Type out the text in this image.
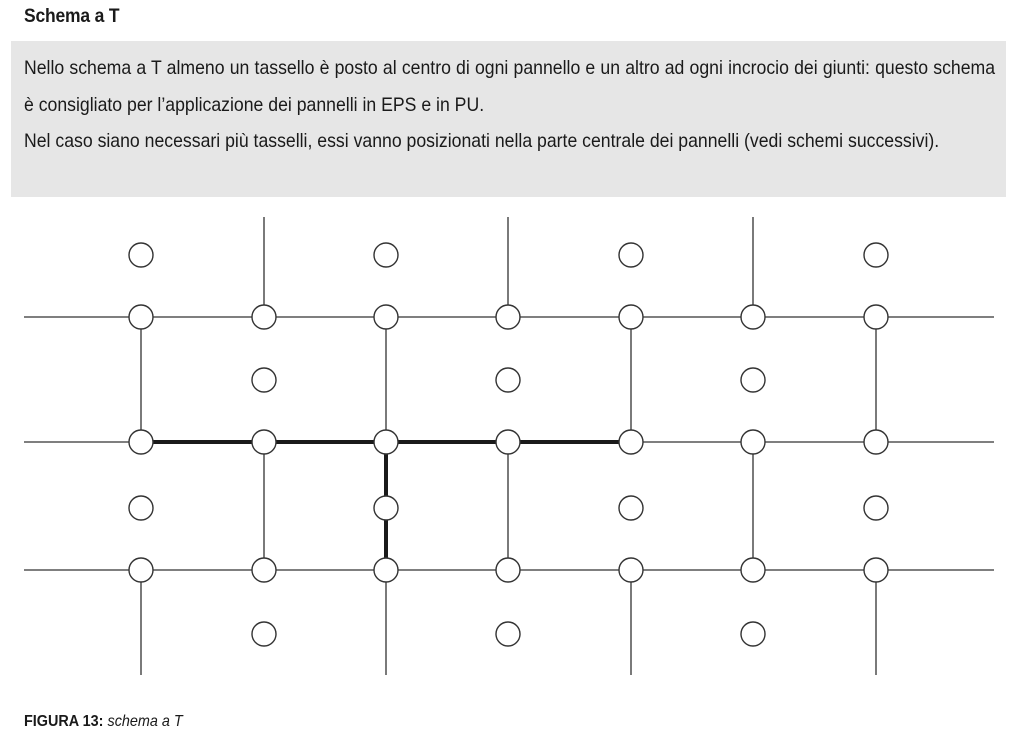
Schema a T

Nello schema a T almeno un tassello è posto al centro di ogni pannello e un altro ad ogni incrocio dei giunti: questo schema è consigliato per l’applicazione dei pannelli in EPS e in PU.

Nel caso siano necessari più tasselli, essi vanno posizionati nella parte centrale dei pannelli (vedi schemi successivi).

FIGURA 13: schema a T
